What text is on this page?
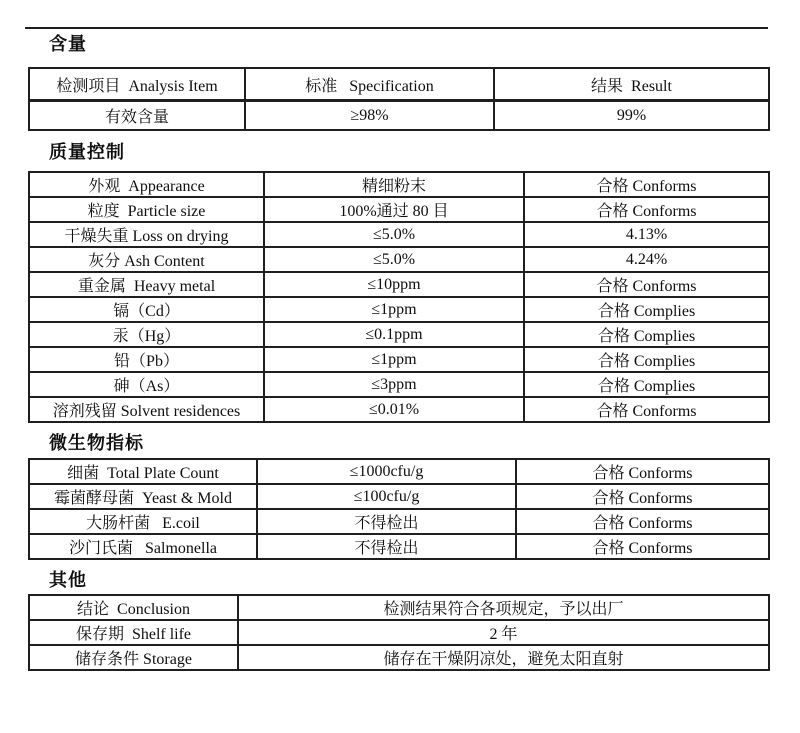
含量
检测项目  Analysis Item	标准   Specification	结果  Result
有效含量	≥98%	99%
质量控制
外观  Appearance	精细粉末	合格 Conforms
粒度  Particle size	100%通过 80 目	合格 Conforms
干燥失重 Loss on drying	≤5.0%	4.13%
灰分 Ash Content	≤5.0%	4.24%
重金属  Heavy metal	≤10ppm	合格 Conforms
镉（Cd）	≤1ppm	合格 Complies
汞（Hg）	≤0.1ppm	合格 Complies
铅（Pb）	≤1ppm	合格 Complies
砷（As）	≤3ppm	合格 Complies
溶剂残留 Solvent residences	≤0.01%	合格 Conforms
微生物指标
细菌  Total Plate Count	≤1000cfu/g	合格 Conforms
霉菌酵母菌  Yeast & Mold	≤100cfu/g	合格 Conforms
大肠杆菌   E.coil	不得检出	合格 Conforms
沙门氏菌   Salmonella	不得检出	合格 Conforms
其他
结论  Conclusion	检测结果符合各项规定，予以出厂
保存期  Shelf life	2 年
储存条件 Storage	储存在干燥阴凉处，避免太阳直射
